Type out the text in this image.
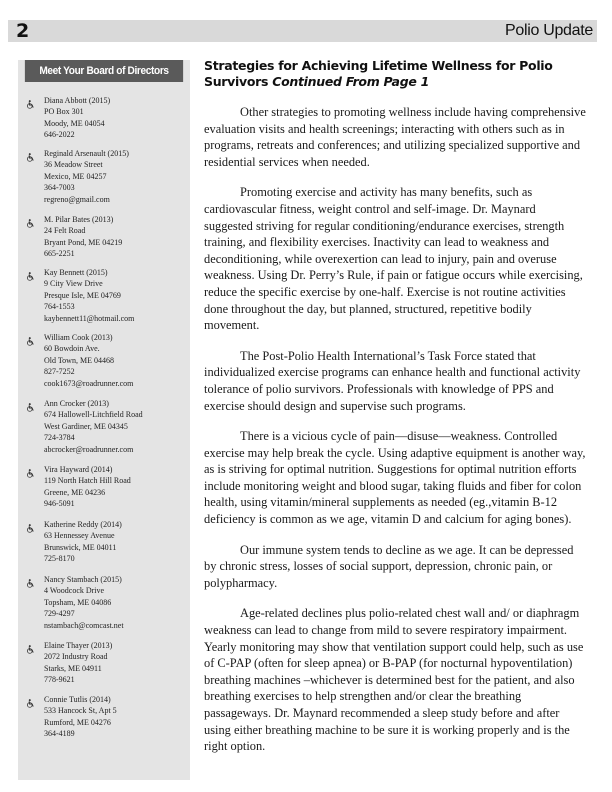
2	Polio Update
Meet Your Board of Directors
Diana Abbott (2015)
PO Box 301
Moody, ME 04054
646-2022
Reginald Arsenault (2015)
36 Meadow Street
Mexico, ME 04257
364-7003
regreno@gmail.com
M. Pilar Bates (2013)
24 Felt Road
Bryant Pond, ME 04219
665-2251
Kay Bennett (2015)
9 City View Drive
Presque Isle, ME 04769
764-1553
kaybennett11@hotmail.com
William Cook (2013)
60 Bowdoin Ave.
Old Town, ME 04468
827-7252
cook1673@roadrunner.com
Ann Crocker (2013)
674 Hallowell-Litchfield Road
West Gardiner, ME 04345
724-3784
abcrocker@roadrunner.com
Vira Hayward (2014)
119 North Hatch Hill Road
Greene, ME 04236
946-5091
Katherine Reddy (2014)
63 Hennessey Avenue
Brunswick, ME 04011
725-8170
Nancy Stambach (2015)
4 Woodcock Drive
Topsham, ME 04086
729-4297
nstambach@comcast.net
Elaine Thayer (2013)
2072 Industry Road
Starks, ME 04911
778-9621
Connie Tutlis (2014)
533 Hancock St, Apt 5
Rumford, ME 04276
364-4189
Strategies for Achieving Lifetime Wellness for Polio
Survivors Continued From Page 1

Other strategies to promoting wellness include having comprehensive evaluation visits and health screenings; interacting with others such as in programs, retreats and conferences; and utilizing specialized supportive and residential services when needed.

Promoting exercise and activity has many benefits, such as cardiovascular fitness, weight control and self-image. Dr. Maynard suggested striving for regular conditioning/endurance exercises, strength training, and flexibility exercises. Inactivity can lead to weakness and deconditioning, while overexertion can lead to injury, pain and overuse weakness. Using Dr. Perry’s Rule, if pain or fatigue occurs while exercising, reduce the specific exercise by one-half. Exercise is not routine activities done throughout the day, but planned, structured, repetitive bodily movement.

The Post-Polio Health International’s Task Force stated that individualized exercise programs can enhance health and functional activity tolerance of polio survivors. Professionals with knowledge of PPS and exercise should design and supervise such programs.

There is a vicious cycle of pain—disuse—weakness. Controlled exercise may help break the cycle. Using adaptive equipment is another way, as is striving for optimal nutrition. Suggestions for optimal nutrition efforts include monitoring weight and blood sugar, taking fluids and fiber for colon health, using vitamin/mineral supplements as needed (eg.,vitamin B-12 deficiency is common as we age, vitamin D and calcium for aging bones).

Our immune system tends to decline as we age. It can be depressed by chronic stress, losses of social support, depression, chronic pain, or polypharmacy.

Age-related declines plus polio-related chest wall and/ or diaphragm weakness can lead to change from mild to severe respiratory impairment. Yearly monitoring may show that ventilation support could help, such as use of C-PAP (often for sleep apnea) or B-PAP (for nocturnal hypoventilation) breathing machines –whichever is determined best for the patient, and also breathing exercises to help strengthen and/or clear the breathing passageways. Dr. Maynard recommended a sleep study before and after using either breathing machine to be sure it is working properly and is the right option.
